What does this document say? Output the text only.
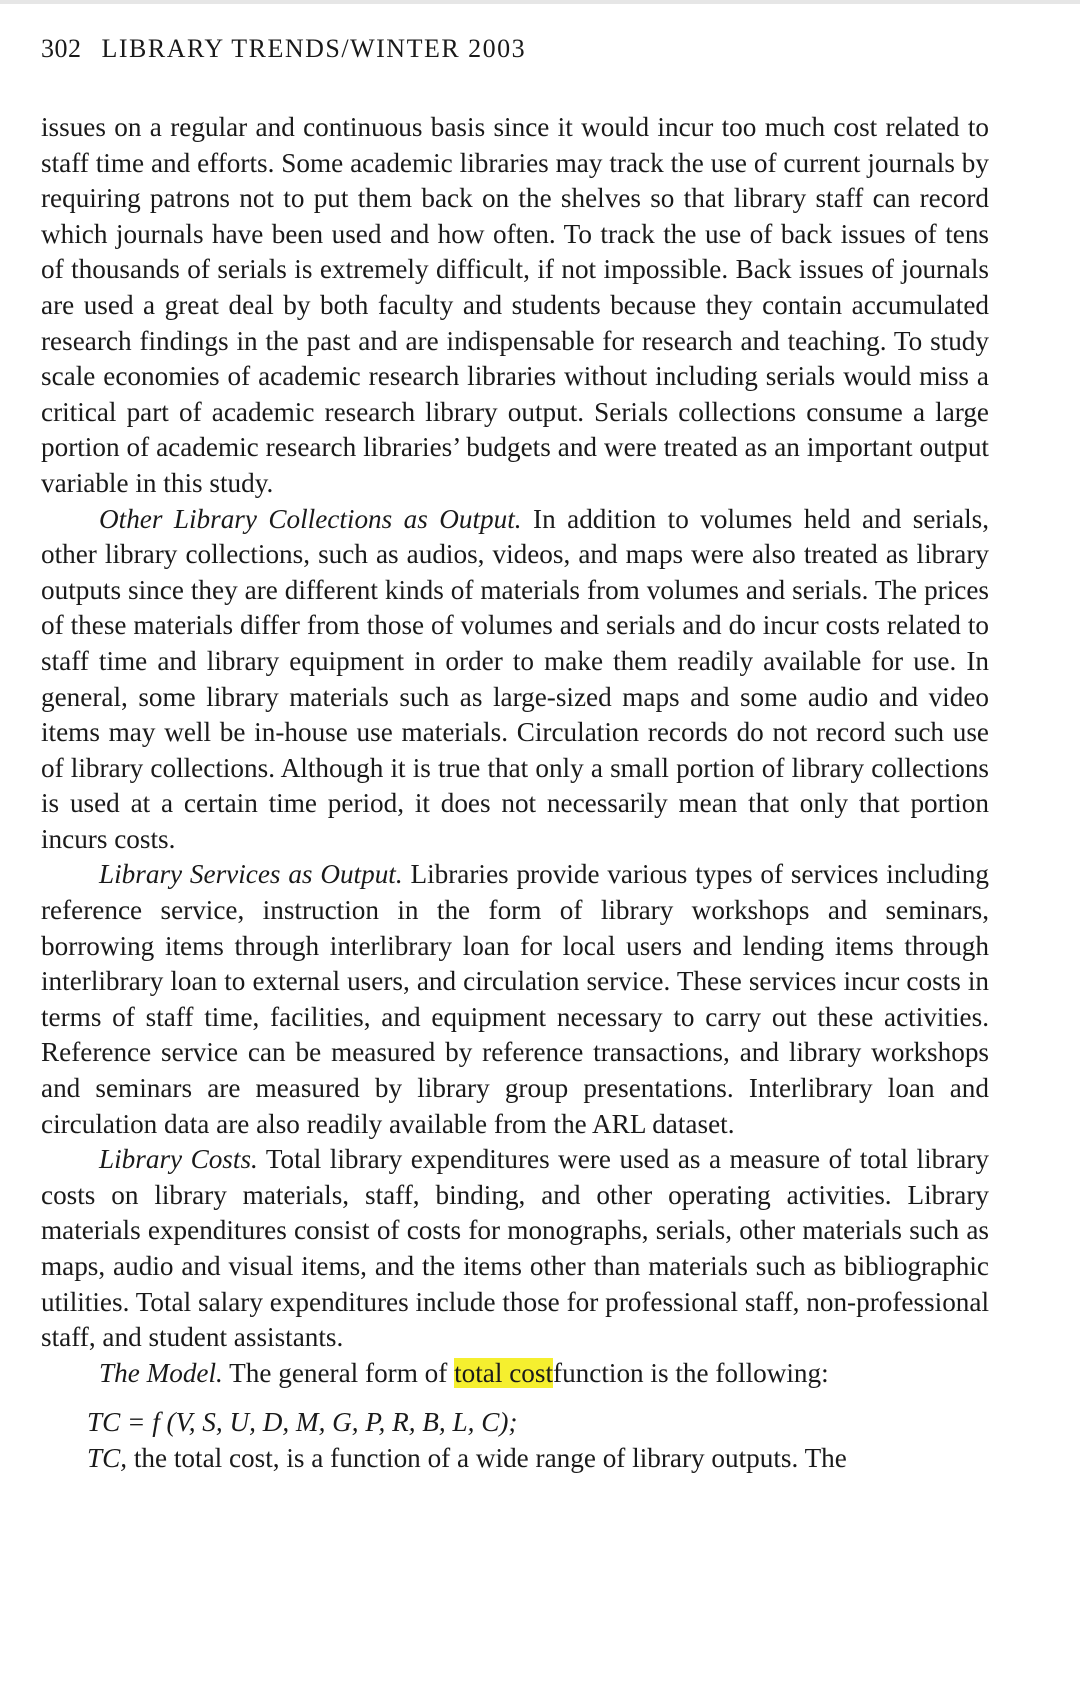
302 LIBRARY TRENDS/WINTER 2003

issues on a regular and continuous basis since it would incur too much cost related to staff time and efforts. Some academic libraries may track the use of current journals by requiring patrons not to put them back on the shelves so that library staff can record which journals have been used and how often. To track the use of back issues of tens of thousands of serials is extremely difficult, if not impossible. Back issues of journals are used a great deal by both faculty and students because they contain accumulated research findings in the past and are indispensable for research and teaching. To study scale economies of academic research libraries without including serials would miss a critical part of academic research library output. Serials collections consume a large portion of academic research libraries’ budgets and were treated as an important output variable in this study.

Other Library Collections as Output. In addition to volumes held and serials, other library collections, such as audios, videos, and maps were also treated as library outputs since they are different kinds of materials from volumes and serials. The prices of these materials differ from those of volumes and serials and do incur costs related to staff time and library equipment in order to make them readily available for use. In general, some library materials such as large-sized maps and some audio and video items may well be in-house use materials. Circulation records do not record such use of library collections. Although it is true that only a small portion of library collections is used at a certain time period, it does not necessarily mean that only that portion incurs costs.

Library Services as Output. Libraries provide various types of services including reference service, instruction in the form of library workshops and seminars, borrowing items through interlibrary loan for local users and lending items through interlibrary loan to external users, and circulation service. These services incur costs in terms of staff time, facilities, and equipment necessary to carry out these activities. Reference service can be measured by reference transactions, and library workshops and seminars are measured by library group presentations. Interlibrary loan and circulation data are also readily available from the ARL dataset.

Library Costs. Total library expenditures were used as a measure of total library costs on library materials, staff, binding, and other operating activities. Library materials expenditures consist of costs for monographs, serials, other materials such as maps, audio and visual items, and the items other than materials such as bibliographic utilities. Total salary expenditures include those for professional staff, non-professional staff, and student assistants.

The Model. The general form of total costfunction is the following:

TC = f (V, S, U, D, M, G, P, R, B, L, C);

TC, the total cost, is a function of a wide range of library outputs. The
